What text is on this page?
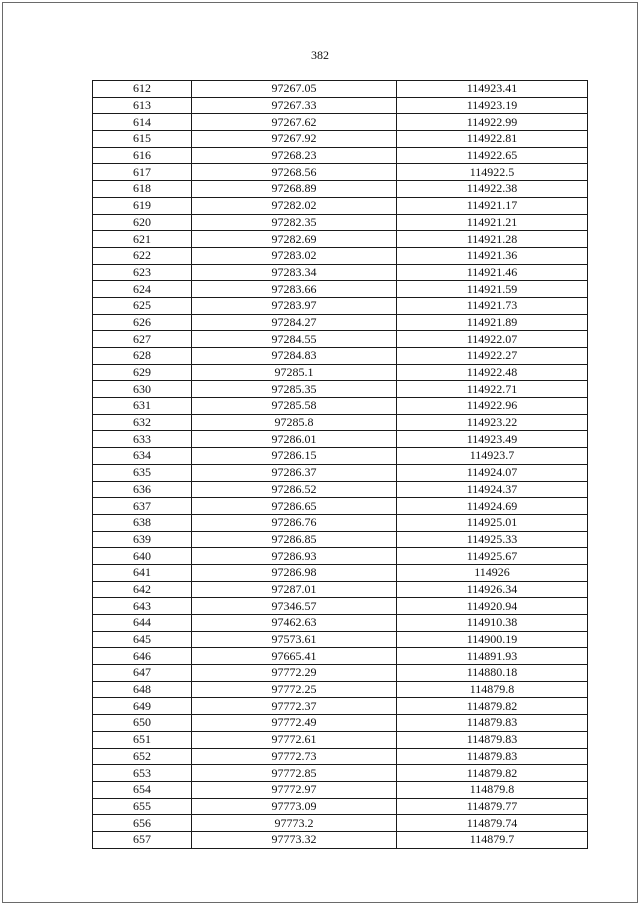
382
612	97267.05	114923.41
613	97267.33	114923.19
614	97267.62	114922.99
615	97267.92	114922.81
616	97268.23	114922.65
617	97268.56	114922.5
618	97268.89	114922.38
619	97282.02	114921.17
620	97282.35	114921.21
621	97282.69	114921.28
622	97283.02	114921.36
623	97283.34	114921.46
624	97283.66	114921.59
625	97283.97	114921.73
626	97284.27	114921.89
627	97284.55	114922.07
628	97284.83	114922.27
629	97285.1	114922.48
630	97285.35	114922.71
631	97285.58	114922.96
632	97285.8	114923.22
633	97286.01	114923.49
634	97286.15	114923.7
635	97286.37	114924.07
636	97286.52	114924.37
637	97286.65	114924.69
638	97286.76	114925.01
639	97286.85	114925.33
640	97286.93	114925.67
641	97286.98	114926
642	97287.01	114926.34
643	97346.57	114920.94
644	97462.63	114910.38
645	97573.61	114900.19
646	97665.41	114891.93
647	97772.29	114880.18
648	97772.25	114879.8
649	97772.37	114879.82
650	97772.49	114879.83
651	97772.61	114879.83
652	97772.73	114879.83
653	97772.85	114879.82
654	97772.97	114879.8
655	97773.09	114879.77
656	97773.2	114879.74
657	97773.32	114879.7
